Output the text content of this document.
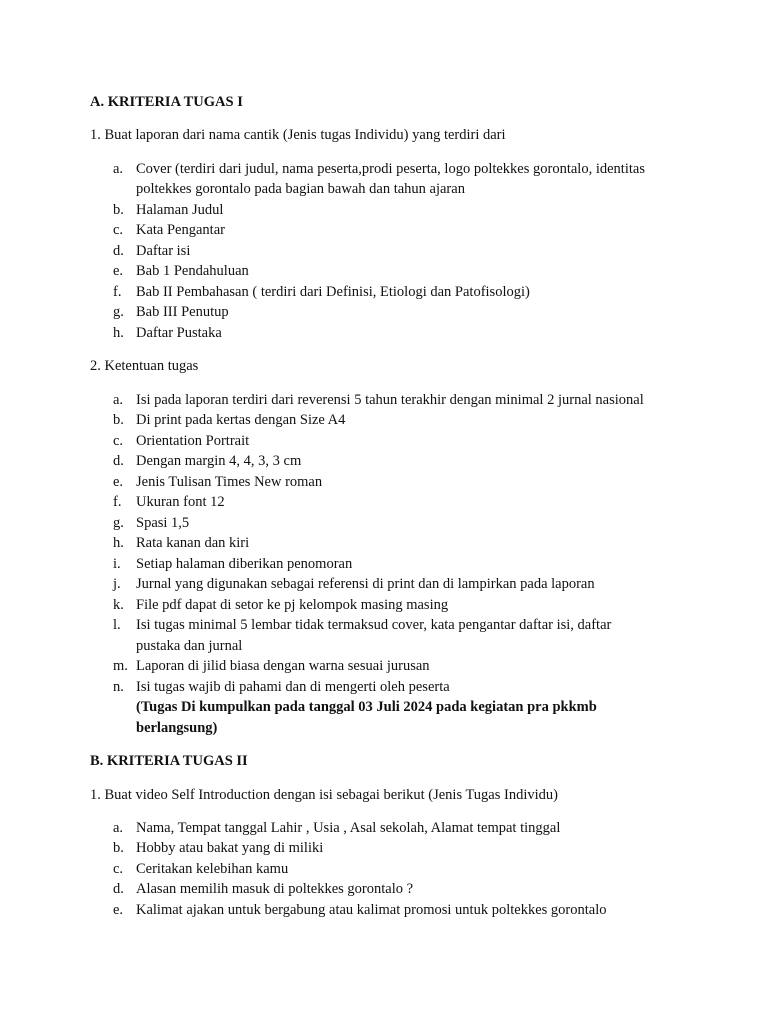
A. KRITERIA TUGAS I
1. Buat laporan dari nama cantik (Jenis tugas Individu) yang terdiri dari
a. Cover (terdiri dari judul, nama peserta,prodi peserta, logo poltekkes gorontalo, identitas
poltekkes gorontalo pada bagian bawah dan tahun ajaran
b. Halaman Judul
c. Kata Pengantar
d. Daftar isi
e. Bab 1 Pendahuluan
f. Bab II Pembahasan ( terdiri dari Definisi, Etiologi dan Patofisologi)
g. Bab III Penutup
h. Daftar Pustaka
2. Ketentuan tugas
a. Isi pada laporan terdiri dari reverensi 5 tahun terakhir dengan minimal 2 jurnal nasional
b. Di print pada kertas dengan Size A4
c. Orientation Portrait
d. Dengan margin 4, 4, 3, 3 cm
e. Jenis Tulisan Times New roman
f. Ukuran font 12
g. Spasi 1,5
h. Rata kanan dan kiri
i. Setiap halaman diberikan penomoran
j. Jurnal yang digunakan sebagai referensi di print dan di lampirkan pada laporan
k. File pdf dapat di setor ke pj kelompok masing masing
l. Isi tugas minimal 5 lembar tidak termaksud cover, kata pengantar daftar isi, daftar
pustaka dan jurnal
m. Laporan di jilid biasa dengan warna sesuai jurusan
n. Isi tugas wajib di pahami dan di mengerti oleh peserta
(Tugas Di kumpulkan pada tanggal 03 Juli 2024 pada kegiatan pra pkkmb
berlangsung)
B. KRITERIA TUGAS II
1. Buat video Self Introduction dengan isi sebagai berikut (Jenis Tugas Individu)
a. Nama, Tempat tanggal Lahir , Usia , Asal sekolah, Alamat tempat tinggal
b. Hobby atau bakat yang di miliki
c. Ceritakan kelebihan kamu
d. Alasan memilih masuk di poltekkes gorontalo ?
e. Kalimat ajakan untuk bergabung atau kalimat promosi untuk poltekkes gorontalo
